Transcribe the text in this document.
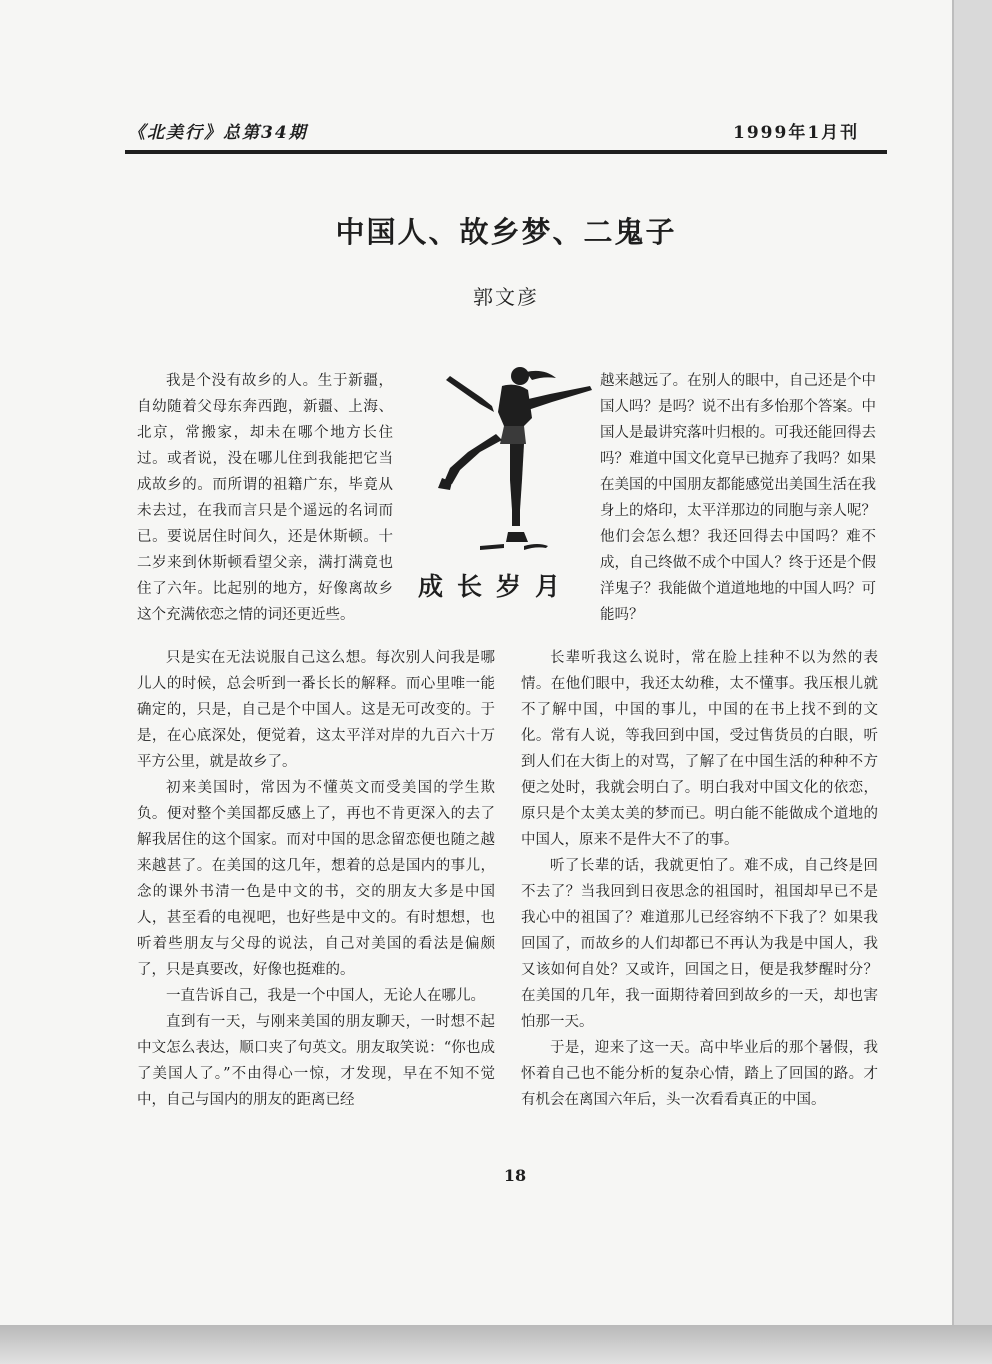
《北美行》总第34期	1999年1月刊
中国人、故乡梦、二鬼子
郭文彦

我是个没有故乡的人。生于新疆，自幼随着父母东奔西跑，新疆、上海、北京，常搬家，却未在哪个地方长住过。或者说，没在哪儿住到我能把它当成故乡的。而所谓的祖籍广东，毕竟从未去过，在我而言只是个遥远的名词而已。要说居住时间久，还是休斯顿。十二岁来到休斯顿看望父亲，满打满竟也住了六年。比起别的地方，好像离故乡这个充满依恋之情的词还更近些。

成长岁月

越来越远了。在别人的眼中，自己还是个中国人吗？是吗？说不出有多怡那个答案。中国人是最讲究落叶归根的。可我还能回得去吗？难道中国文化竟早已抛弃了我吗？如果在美国的中国朋友都能感觉出美国生活在我身上的烙印，太平洋那边的同胞与亲人呢？他们会怎么想？我还回得去中国吗？难不成，自己终做不成个中国人？终于还是个假洋鬼子？我能做个道道地地的中国人吗？可能吗？

只是实在无法说服自己这么想。每次别人问我是哪儿人的时候，总会听到一番长长的解释。而心里唯一能确定的，只是，自己是个中国人。这是无可改变的。于是，在心底深处，便觉着，这太平洋对岸的九百六十万平方公里，就是故乡了。

初来美国时，常因为不懂英文而受美国的学生欺负。便对整个美国都反感上了，再也不肯更深入的去了解我居住的这个国家。而对中国的思念留恋便也随之越来越甚了。在美国的这几年，想着的总是国内的事儿，念的课外书清一色是中文的书，交的朋友大多是中国人，甚至看的电视吧，也好些是中文的。有时想想，也听着些朋友与父母的说法，自己对美国的看法是偏颇了，只是真要改，好像也挺难的。

一直告诉自己，我是一个中国人，无论人在哪儿。

直到有一天，与刚来美国的朋友聊天，一时想不起中文怎么表达，顺口夹了句英文。朋友取笑说：“你也成了美国人了。”不由得心一惊，才发现，早在不知不觉中，自己与国内的朋友的距离已经

长辈听我这么说时，常在脸上挂种不以为然的表情。在他们眼中，我还太幼稚，太不懂事。我压根儿就不了解中国，中国的事儿，中国的在书上找不到的文化。常有人说，等我回到中国，受过售货员的白眼，听到人们在大街上的对骂，了解了在中国生活的种种不方便之处时，我就会明白了。明白我对中国文化的依恋，原只是个太美太美的梦而已。明白能不能做成个道地的中国人，原来不是件大不了的事。

听了长辈的话，我就更怕了。难不成，自己终是回不去了？当我回到日夜思念的祖国时，祖国却早已不是我心中的祖国了？难道那儿已经容纳不下我了？如果我回国了，而故乡的人们却都已不再认为我是中国人，我又该如何自处？又或许，回国之日，便是我梦醒时分？在美国的几年，我一面期待着回到故乡的一天，却也害怕那一天。

于是，迎来了这一天。高中毕业后的那个暑假，我怀着自己也不能分析的复杂心情，踏上了回国的路。才有机会在离国六年后，头一次看看真正的中国。

18
